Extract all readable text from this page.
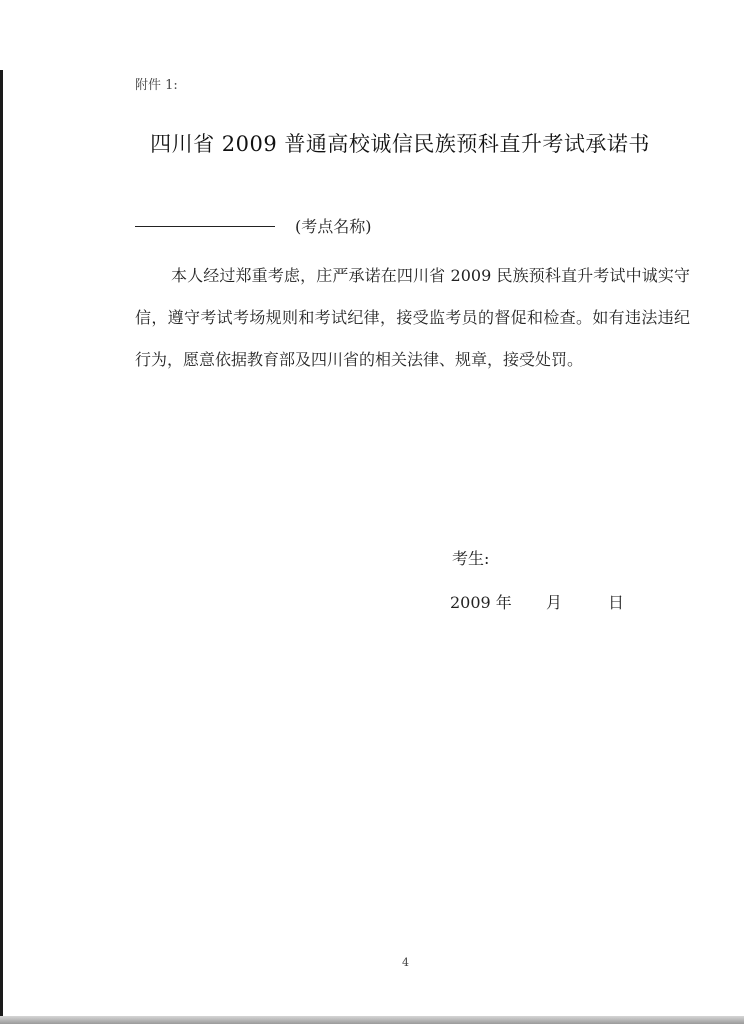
附件 1:
四川省 2009 普通高校诚信民族预科直升考试承诺书
(考点名称)
本人经过郑重考虑，庄严承诺在四川省 2009 民族预科直升考试中诚实守信，遵守考试考场规则和考试纪律，接受监考员的督促和检查。如有违法违纪行为，愿意依据教育部及四川省的相关法律、规章，接受处罚。
考生:
2009 年 月	日
4
